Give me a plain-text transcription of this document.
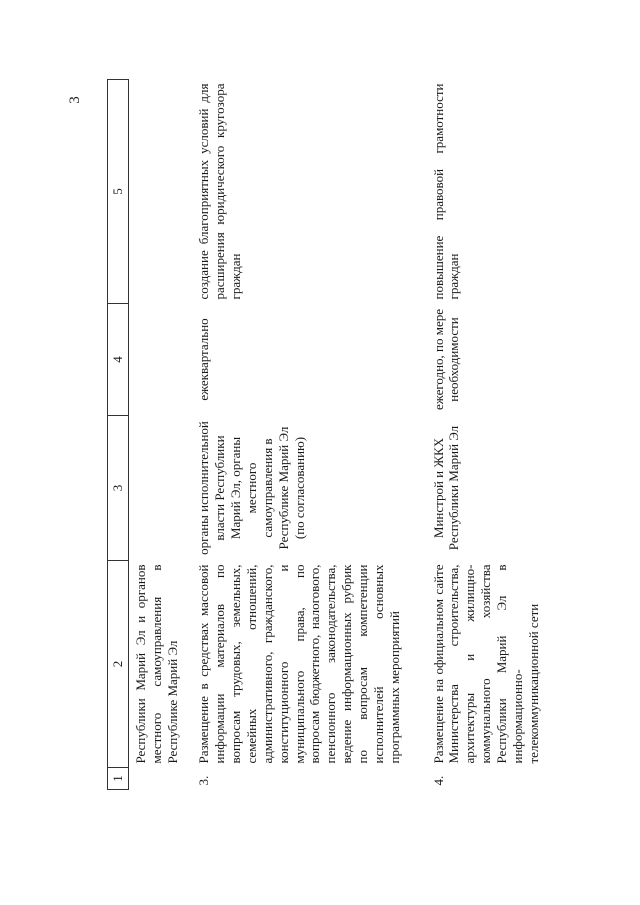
3
1	2	3	4	5
	Республики Марий Эл и органов местного самоуправления в Республике Марий Эл			
3.	Размещение в средствах массовой информации материалов по вопросам трудовых, земельных, семейных отношений, административного, гражданского, конституционного и муниципального права, по вопросам бюджетного, налогового, пенсионного законодательства, ведение информационных рубрик по вопросам компетенции исполнителей основных программных мероприятий	органы исполнительной власти Республики Марий Эл, органы местного самоуправления в Республике Марий Эл (по согласованию)	ежеквартально	создание благоприятных условий для расширения юридического кругозора граждан
4.	Размещение на официальном сайте Министерства строительства, архитектуры и жилищно-коммунального хозяйства Республики Марий Эл в информационно-телекоммуникационной сети	Минстрой и ЖКХ Республики Марий Эл	ежегодно, по мере необходимости	повышение правовой грамотности граждан
